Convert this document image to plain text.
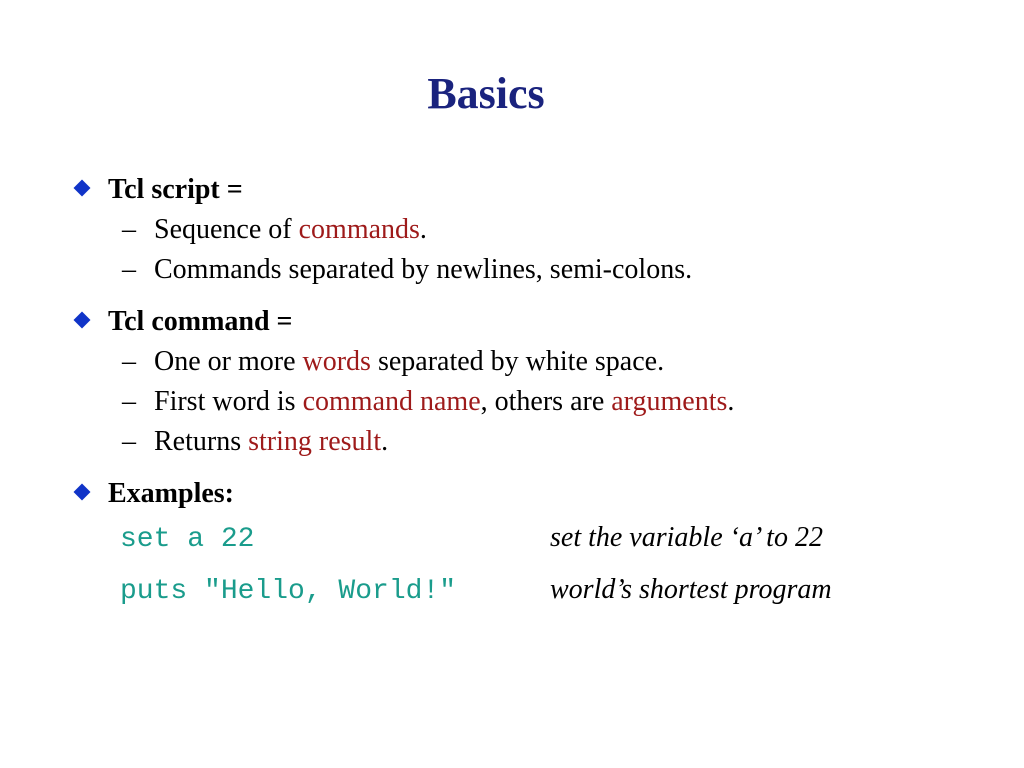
Basics
Tcl script =
– Sequence of commands.
– Commands separated by newlines, semi-colons.
Tcl command =
– One or more words separated by white space.
– First word is command name, others are arguments.
– Returns string result.
Examples:
set a 22	set the variable ‘a’ to 22
puts "Hello, World!"	world’s shortest program
